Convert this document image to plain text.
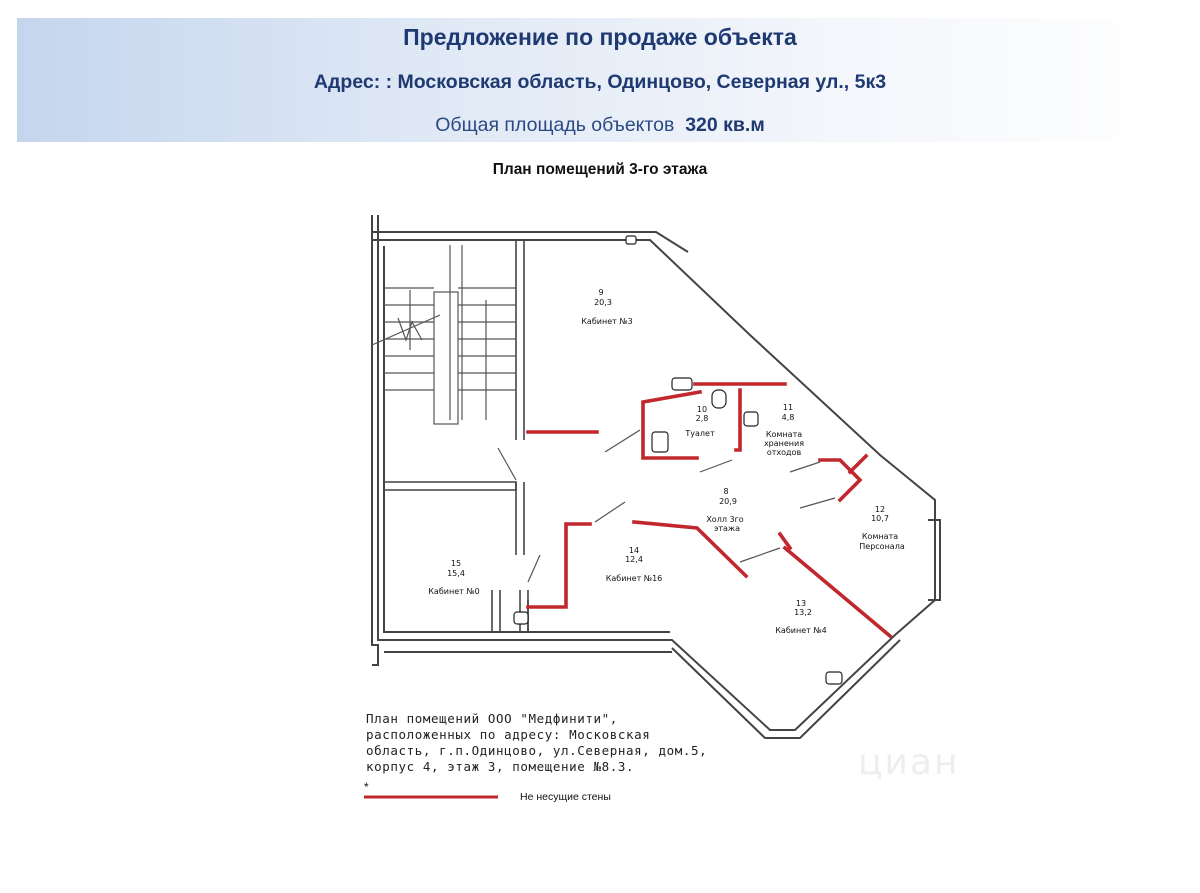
Предложение по продаже объекта
Адрес: : Московская область, Одинцово, Северная ул., 5к3
Общая площадь объектов 320 кв.м
План помещений 3-го этажа
9
20,3
Кабинет №3
10
2,8
Туалет
11
4,8
Комната
хранения
отходов
8
20,9
Холл 3го
этажа
12
10,7
Комната
Персонала
14
12,4
Кабинет №16
15
15,4
Кабинет №0
13
13,2
Кабинет №4
План помещений ООО "Медфинити",
расположенных по адресу: Московская
область, г.п.Одинцово, ул.Северная, дом.5,
корпус 4, этаж 3, помещение №8.3.
*
Не несущие стены
циан
